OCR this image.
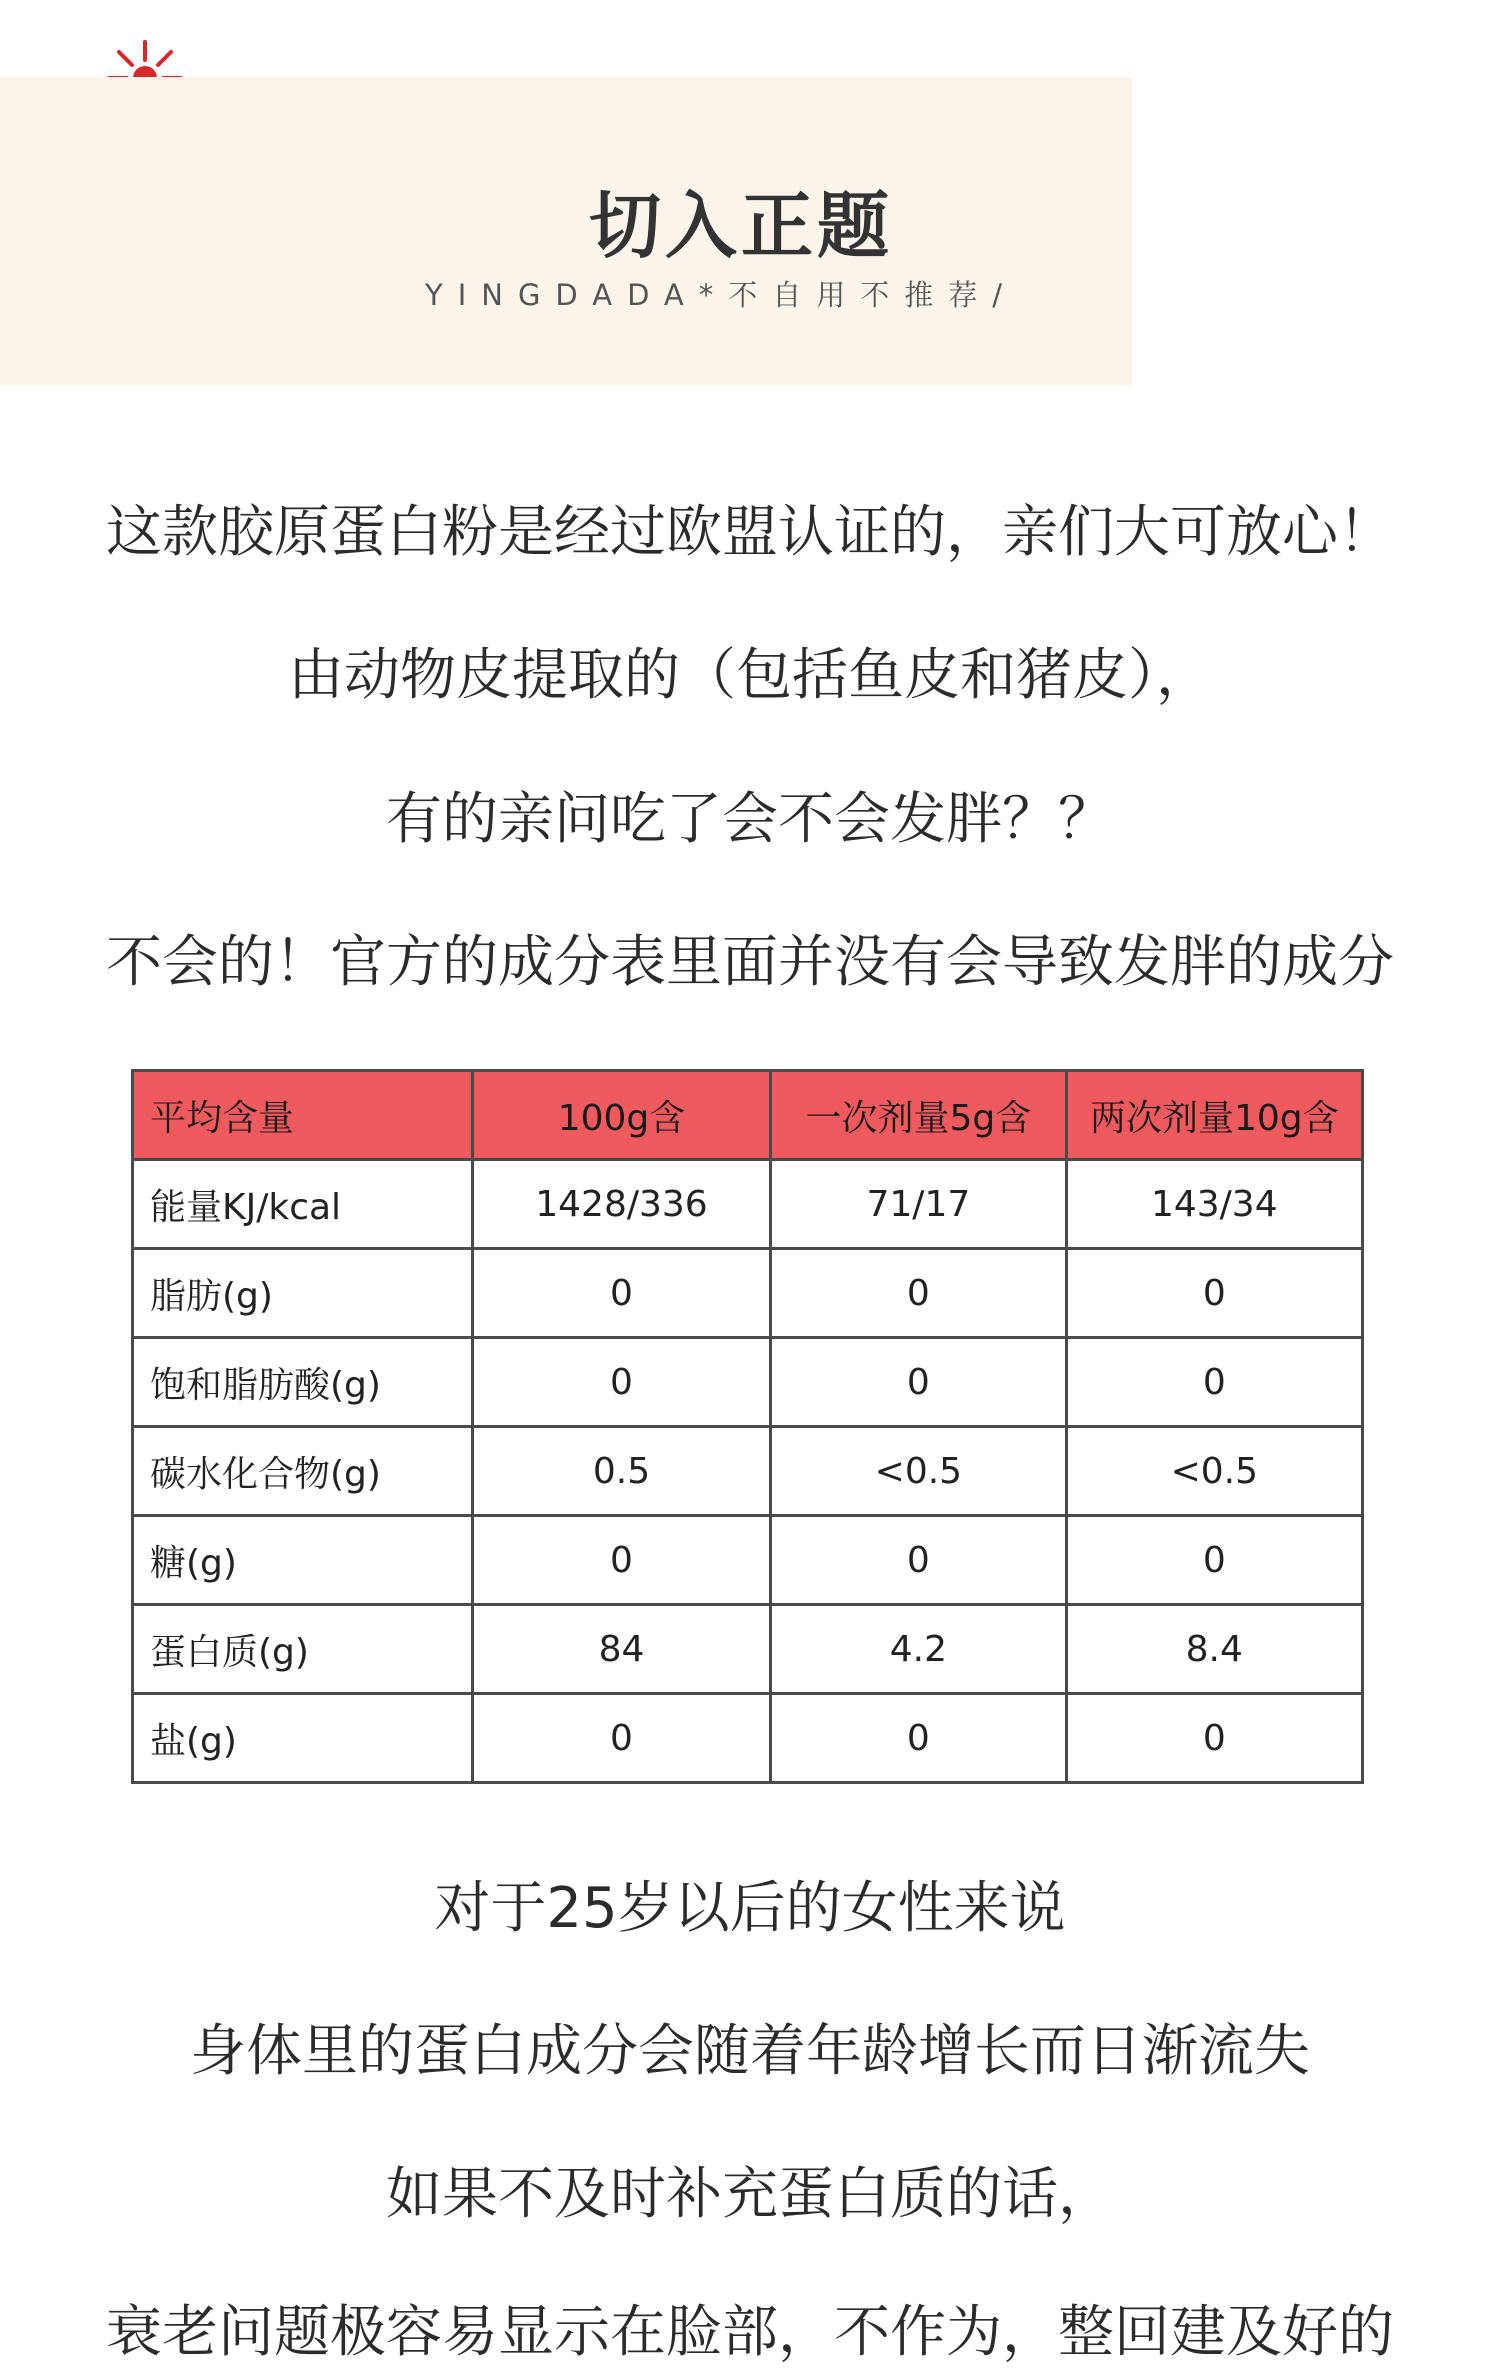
切入正题
YINGDADA*不自用不推荐/
这款胶原蛋白粉是经过欧盟认证的，亲们大可放心！
由动物皮提取的（包括鱼皮和猪皮），
有的亲问吃了会不会发胖？？
不会的！官方的成分表里面并没有会导致发胖的成分
平均含量	100g含	一次剂量5g含	两次剂量10g含
能量KJ/kcal	1428/336	71/17	143/34
脂肪(g)	0	0	0
饱和脂肪酸(g)	0	0	0
碳水化合物(g)	0.5	<0.5	<0.5
糖(g)	0	0	0
蛋白质(g)	84	4.2	8.4
盐(g)	0	0	0
对于25岁以后的女性来说
身体里的蛋白成分会随着年龄增长而日渐流失
如果不及时补充蛋白质的话，
衰老问题极容易显示在脸部，不作为，整回建及好的
